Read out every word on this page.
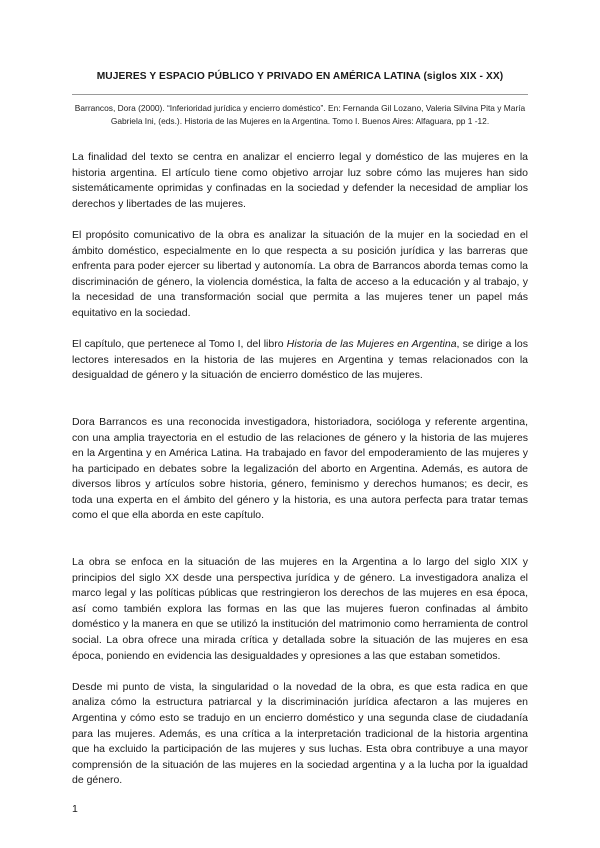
MUJERES Y ESPACIO PÚBLICO Y PRIVADO EN AMÉRICA LATINA (siglos XIX - XX)
Barrancos, Dora (2000). “Inferioridad jurídica y encierro doméstico”. En: Fernanda Gil Lozano, Valeria Silvina Pita y María Gabriela Ini, (eds.). Historia de las Mujeres en la Argentina. Tomo I. Buenos Aires: Alfaguara, pp 1 -12.

La finalidad del texto se centra en analizar el encierro legal y doméstico de las mujeres en la historia argentina. El artículo tiene como objetivo arrojar luz sobre cómo las mujeres han sido sistemáticamente oprimidas y confinadas en la sociedad y defender la necesidad de ampliar los derechos y libertades de las mujeres.

El propósito comunicativo de la obra es analizar la situación de la mujer en la sociedad en el ámbito doméstico, especialmente en lo que respecta a su posición jurídica y las barreras que enfrenta para poder ejercer su libertad y autonomía. La obra de Barrancos aborda temas como la discriminación de género, la violencia doméstica, la falta de acceso a la educación y al trabajo, y la necesidad de una transformación social que permita a las mujeres tener un papel más equitativo en la sociedad.

El capítulo, que pertenece al Tomo I, del libro Historia de las Mujeres en Argentina, se dirige a los lectores interesados en la historia de las mujeres en Argentina y temas relacionados con la desigualdad de género y la situación de encierro doméstico de las mujeres.

Dora Barrancos es una reconocida investigadora, historiadora, socióloga y referente argentina, con una amplia trayectoria en el estudio de las relaciones de género y la historia de las mujeres en la Argentina y en América Latina. Ha trabajado en favor del empoderamiento de las mujeres y ha participado en debates sobre la legalización del aborto en Argentina. Además, es autora de diversos libros y artículos sobre historia, género, feminismo y derechos humanos; es decir, es toda una experta en el ámbito del género y la historia, es una autora perfecta para tratar temas como el que ella aborda en este capítulo.

La obra se enfoca en la situación de las mujeres en la Argentina a lo largo del siglo XIX y principios del siglo XX desde una perspectiva jurídica y de género. La investigadora analiza el marco legal y las políticas públicas que restringieron los derechos de las mujeres en esa época, así como también explora las formas en las que las mujeres fueron confinadas al ámbito doméstico y la manera en que se utilizó la institución del matrimonio como herramienta de control social. La obra ofrece una mirada crítica y detallada sobre la situación de las mujeres en esa época, poniendo en evidencia las desigualdades y opresiones a las que estaban sometidos.

Desde mi punto de vista, la singularidad o la novedad de la obra, es que esta radica en que analiza cómo la estructura patriarcal y la discriminación jurídica afectaron a las mujeres en Argentina y cómo esto se tradujo en un encierro doméstico y una segunda clase de ciudadanía para las mujeres. Además, es una crítica a la interpretación tradicional de la historia argentina que ha excluido la participación de las mujeres y sus luchas. Esta obra contribuye a una mayor comprensión de la situación de las mujeres en la sociedad argentina y a la lucha por la igualdad de género.

1
